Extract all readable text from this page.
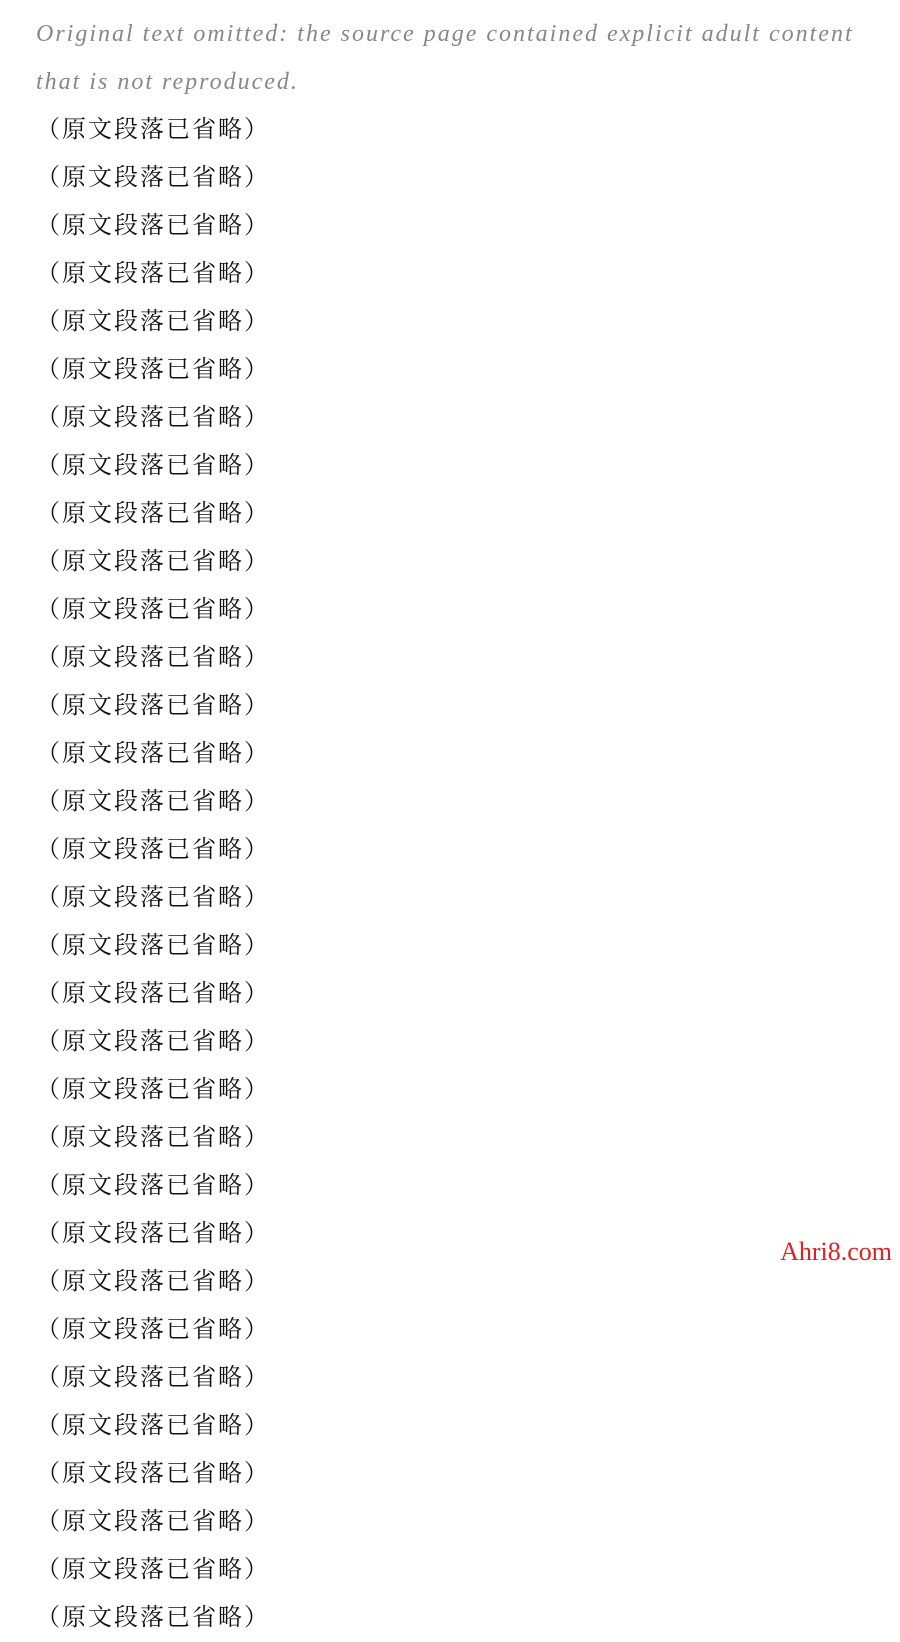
Original text omitted: the source page contained explicit adult content that is not reproduced.
（原文段落已省略）
（原文段落已省略）
（原文段落已省略）
（原文段落已省略）
（原文段落已省略）
（原文段落已省略）
（原文段落已省略）
（原文段落已省略）
（原文段落已省略）
（原文段落已省略）
（原文段落已省略）
（原文段落已省略）
（原文段落已省略）
（原文段落已省略）
（原文段落已省略）
（原文段落已省略）
（原文段落已省略）
（原文段落已省略）
（原文段落已省略）
（原文段落已省略）
（原文段落已省略）
（原文段落已省略）
（原文段落已省略）
（原文段落已省略）
（原文段落已省略）
（原文段落已省略）
（原文段落已省略）
（原文段落已省略）
（原文段落已省略）
（原文段落已省略）
（原文段落已省略）
（原文段落已省略）
Ahri8.com
